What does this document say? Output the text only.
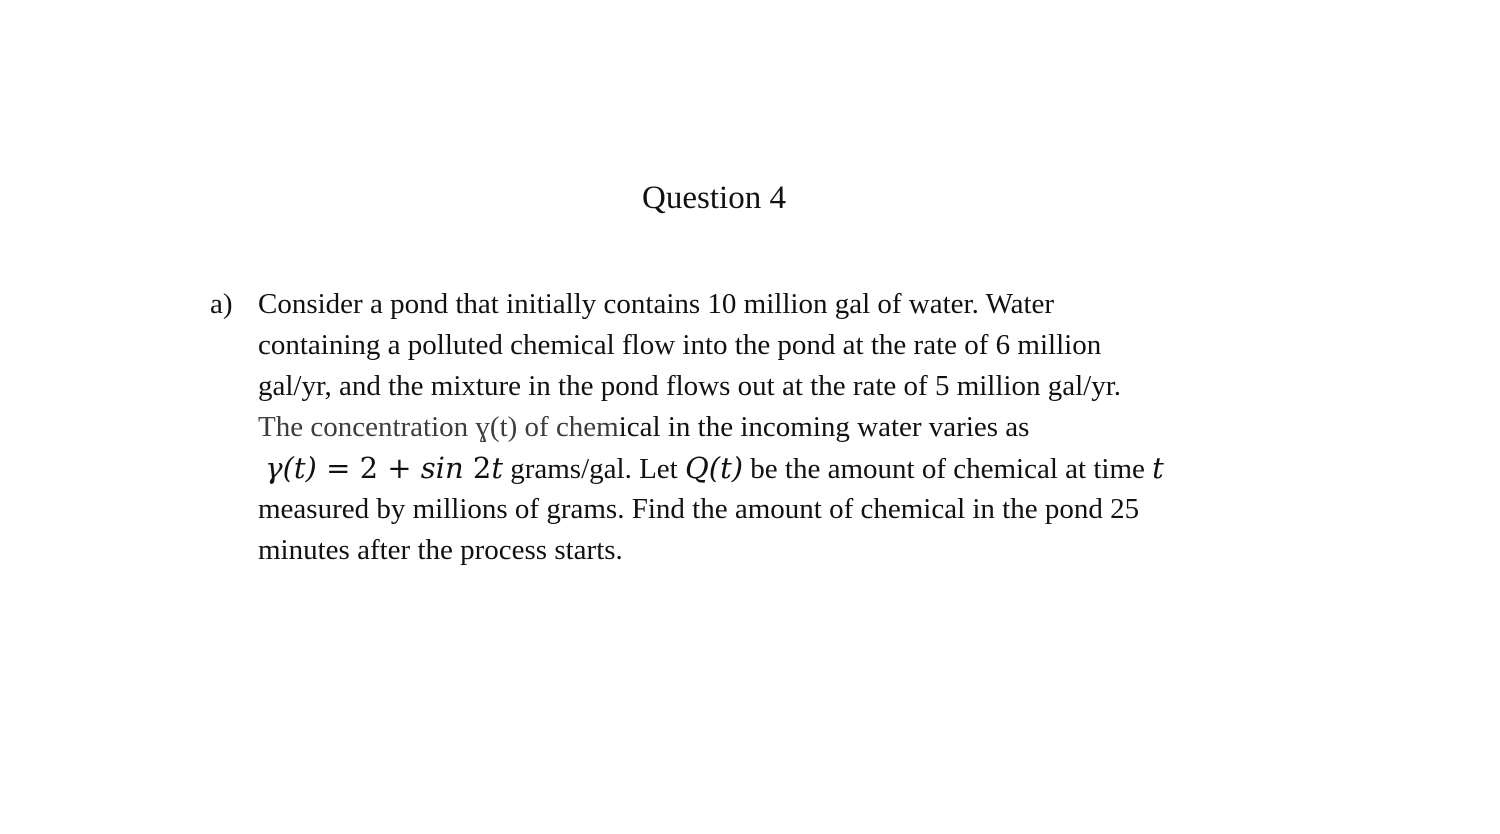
Question 4
a) Consider a pond that initially contains 10 million gal of water. Water
containing a polluted chemical flow into the pond at the rate of 6 million
gal/yr, and the mixture in the pond flows out at the rate of 5 million gal/yr.
The concentration ɣ(t) of chemical in the incoming water varies as
γ(t) = 2 + sin 2t grams/gal. Let Q(t) be the amount of chemical at time t
measured by millions of grams. Find the amount of chemical in the pond 25
minutes after the process starts.
